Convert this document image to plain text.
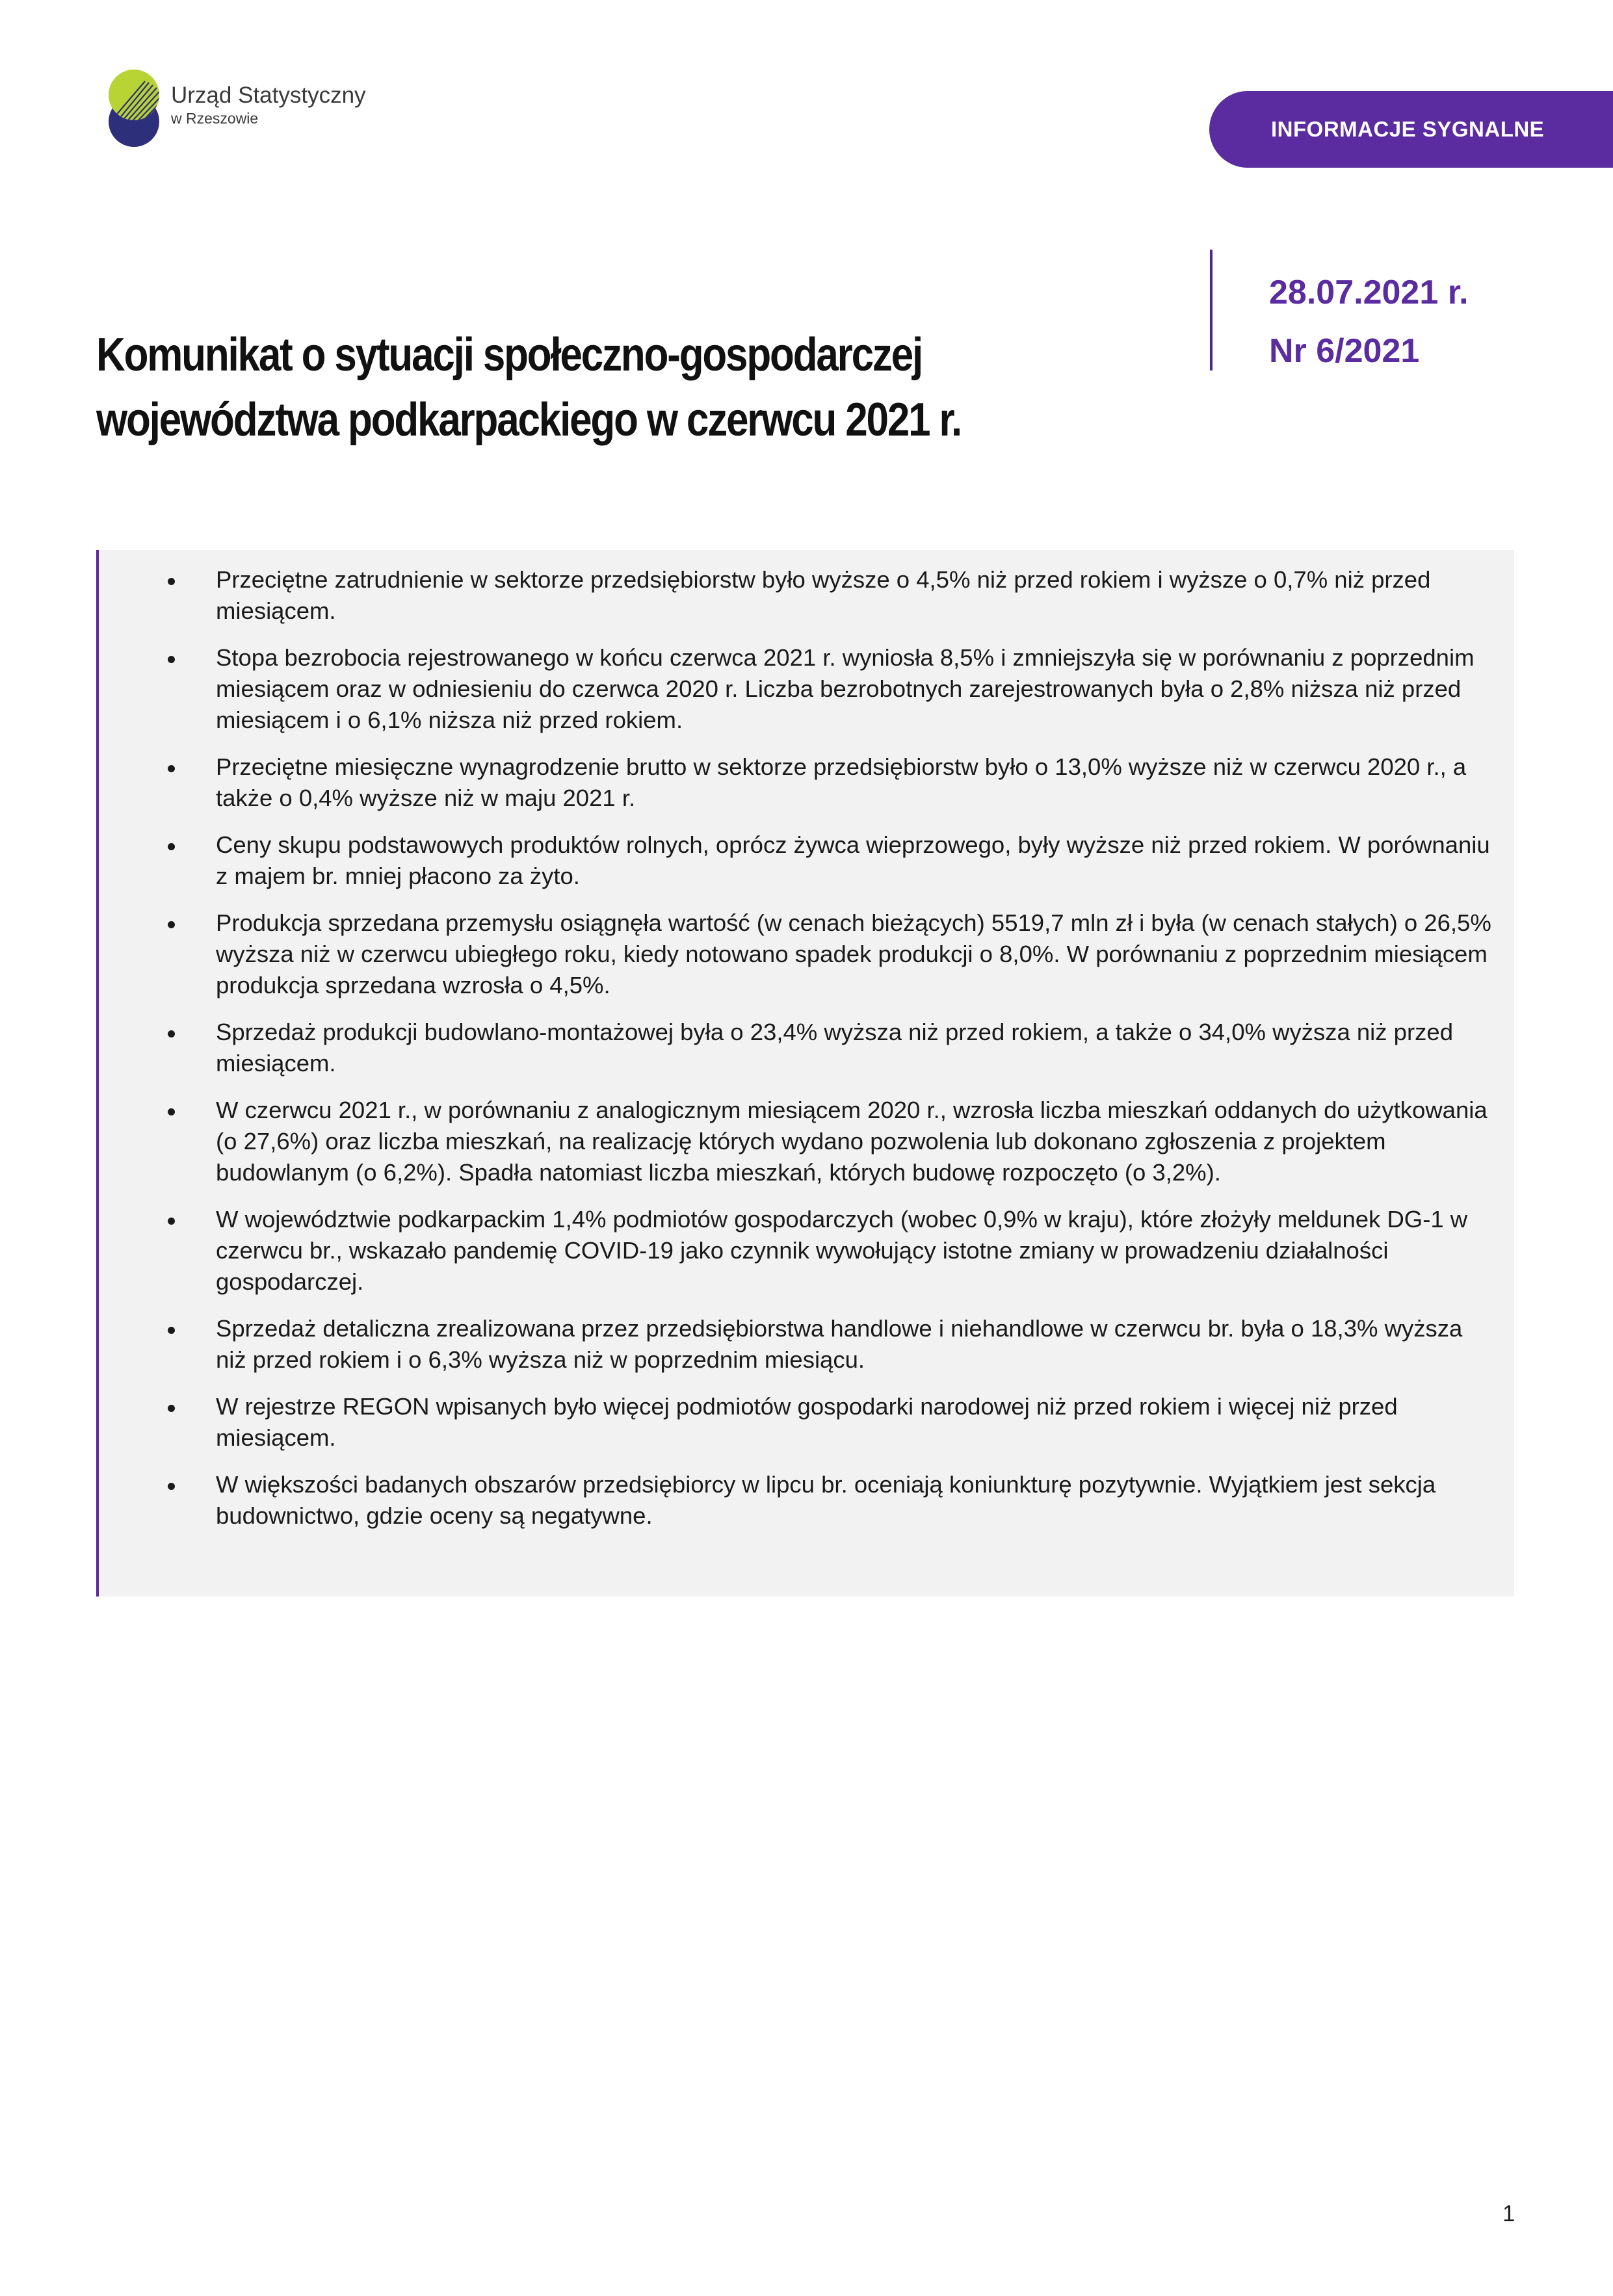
Urząd Statystyczny
w Rzeszowie	INFORMACJE SYGNALNE
Komunikat o sytuacji społeczno-gospodarczej województwa podkarpackiego w czerwcu 2021 r.
28.07.2021 r.
Nr 6/2021
Przeciętne zatrudnienie w sektorze przedsiębiorstw było wyższe o 4,5% niż przed rokiem i wyższe o 0,7% niż przed miesiącem.
Stopa bezrobocia rejestrowanego w końcu czerwca 2021 r. wyniosła 8,5% i zmniejszyła się w porównaniu z poprzednim miesiącem oraz w odniesieniu do czerwca 2020 r. Liczba bezrobotnych zarejestrowanych była o 2,8% niższa niż przed miesiącem i o 6,1% niższa niż przed rokiem.
Przeciętne miesięczne wynagrodzenie brutto w sektorze przedsiębiorstw było o 13,0% wyższe niż w czerwcu 2020 r., a także o 0,4% wyższe niż w maju 2021 r.
Ceny skupu podstawowych produktów rolnych, oprócz żywca wieprzowego, były wyższe niż przed rokiem. W porównaniu z majem br. mniej płacono za żyto.
Produkcja sprzedana przemysłu osiągnęła wartość (w cenach bieżących) 5519,7 mln zł i była (w cenach stałych) o 26,5% wyższa niż w czerwcu ubiegłego roku, kiedy notowano spadek produkcji o 8,0%. W porównaniu z poprzednim miesiącem produkcja sprzedana wzrosła o 4,5%.
Sprzedaż produkcji budowlano-montażowej była o 23,4% wyższa niż przed rokiem, a także o 34,0% wyższa niż przed miesiącem.
W czerwcu 2021 r., w porównaniu z analogicznym miesiącem 2020 r., wzrosła liczba mieszkań oddanych do użytkowania (o 27,6%) oraz liczba mieszkań, na realizację których wydano pozwolenia lub dokonano zgłoszenia z projektem budowlanym (o 6,2%). Spadła natomiast liczba mieszkań, których budowę rozpoczęto (o 3,2%).
W województwie podkarpackim 1,4% podmiotów gospodarczych (wobec 0,9% w kraju), które złożyły meldunek DG-1 w czerwcu br., wskazało pandemię COVID-19 jako czynnik wywołujący istotne zmiany w prowadzeniu działalności gospodarczej.
Sprzedaż detaliczna zrealizowana przez przedsiębiorstwa handlowe i niehandlowe w czerwcu br. była o 18,3% wyższa niż przed rokiem i o 6,3% wyższa niż w poprzednim miesiącu.
W rejestrze REGON wpisanych było więcej podmiotów gospodarki narodowej niż przed rokiem i więcej niż przed miesiącem.
W większości badanych obszarów przedsiębiorcy w lipcu br. oceniają koniunkturę pozytywnie. Wyjątkiem jest sekcja budownictwo, gdzie oceny są negatywne.
1
